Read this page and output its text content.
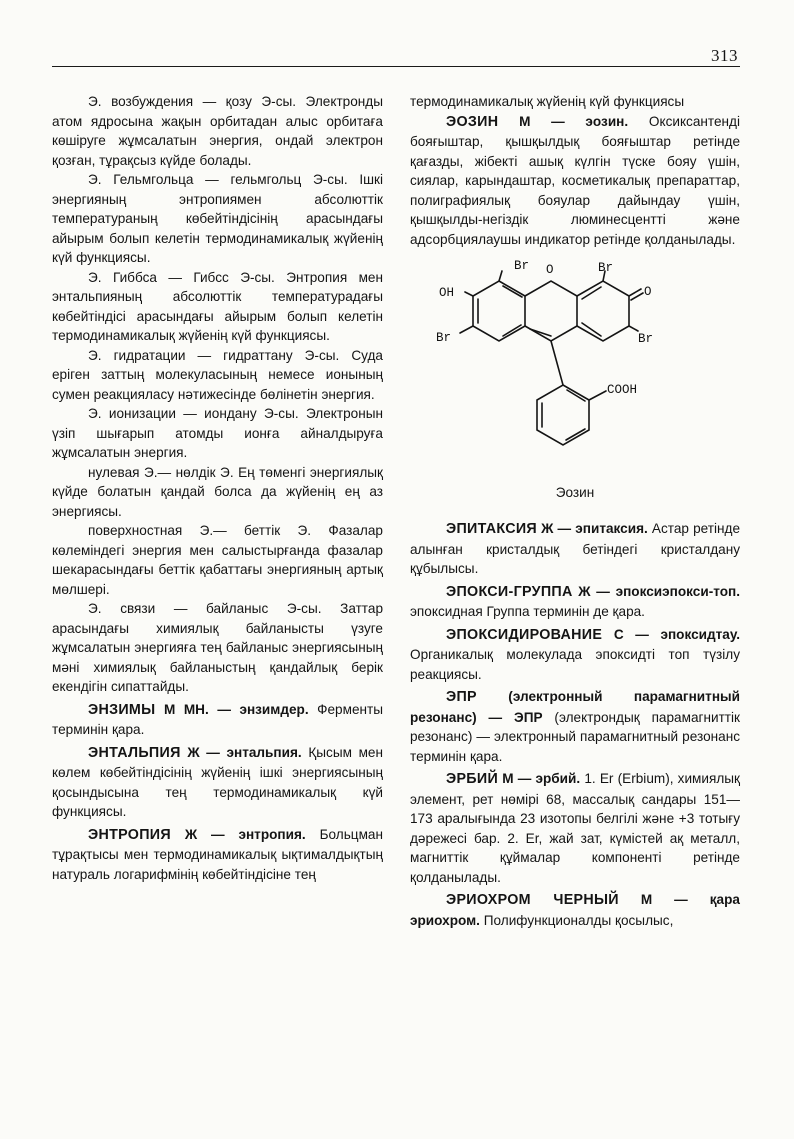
313

Э. возбуждения — қозу Э-сы. Электронды атом ядросына жақын орбитадан алыс орбитаға көшіруге жұмсалатын энергия, ондай электрон қозған, тұрақсыз күйде болады.

Э. Гельмгольца — гельмгольц Э-сы. Ішкі энергияның энтропиямен абсолюттік температураның көбейтіндісінің арасындағы айырым болып келетін термодинамикалық жүйенің күй функциясы.

Э. Гиббса — Гибсс Э-сы. Энтропия мен энтальпияның абсолюттік температурадағы көбейтіндісі арасындағы айырым болып келетін термодинамикалық жүйенің күй функциясы.

Э. гидратации — гидраттану Э-сы. Суда еріген заттың молекуласының немесе ионының сумен реакцияласу нәтижесінде бөлінетін энергия.

Э. ионизации — иондану Э-сы. Электронын үзіп шығарып атомды ионға айналдыруға жұмсалатын энергия.

нулевая Э.— нөлдік Э. Ең төменгі энергиялық күйде болатын қандай болса да жүйенің ең аз энергиясы.

поверхностная Э.— беттік Э. Фазалар көлеміндегі энергия мен салыстырғанда фазалар шекарасындағы беттік қабаттағы энергияның артық мөлшері.

Э. связи — байланыс Э-сы. Заттар арасындағы химиялық байланысты үзуге жұмсалатын энергияға тең байланыс энергиясының мәні химиялық байланыстың қандайлық берік екендігін сипаттайды.

ЭНЗИМЫ М МН. — энзимдер. Ферменты терминін қара.

ЭНТАЛЬПИЯ Ж — энтальпия. Қысым мен көлем көбейтіндісінің жүйенің ішкі энергиясының қосындысына тең термодинамикалық күй функциясы.

ЭНТРОПИЯ Ж — энтропия. Больцман тұрақтысы мен термодинамикалық ықтималдықтың натураль логарифмінің көбейтіндісіне тең

термодинамикалық жүйенің күй функциясы

ЭОЗИН М — эозин. Оксиксантенді бояғыштар, қышқылдық бояғыштар ретінде қағазды, жібекті ашық күлгін түске бояу үшін, сиялар, карындаштар, косметикалық препараттар, полиграфиялық бояулар дайындау үшін, қышқылды-негіздік люминесцентті және адсорбциялаушы индикатор ретінде қолданылады.

OH
Br O	Br
O
Br	Br
COOH
Эозин

ЭПИТАКСИЯ Ж — эпитаксия. Астар ретінде алынған кристалдық бетіндегі кристалдану құбылысы.

ЭПОКСИ-ГРУППА Ж — эпоксиэпокси-топ. эпоксидная Группа терминін де қара.

ЭПОКСИДИРОВАНИЕ С — эпоксидтау. Органикалық молекулада эпоксидті топ түзілу реакциясы.

ЭПР (электронный парамагнитный резонанс) — ЭПР (электрондық парамагниттік резонанс) — электронный парамагнитный резонанс терминін қара.

ЭРБИЙ М — эрбий. 1. Er (Erbium), химиялық элемент, рет нөмірі 68, массалық сандары 151—173 аралығында 23 изотопы белгілі және +3 тотығу дәрежесі бар. 2. Er, жай зат, күмістей ақ металл, магниттік құймалар компоненті ретінде қолданылады.

ЭРИОХРОМ ЧЕРНЫЙ М — қара эриохром. Полифункционалды қосылыс,
